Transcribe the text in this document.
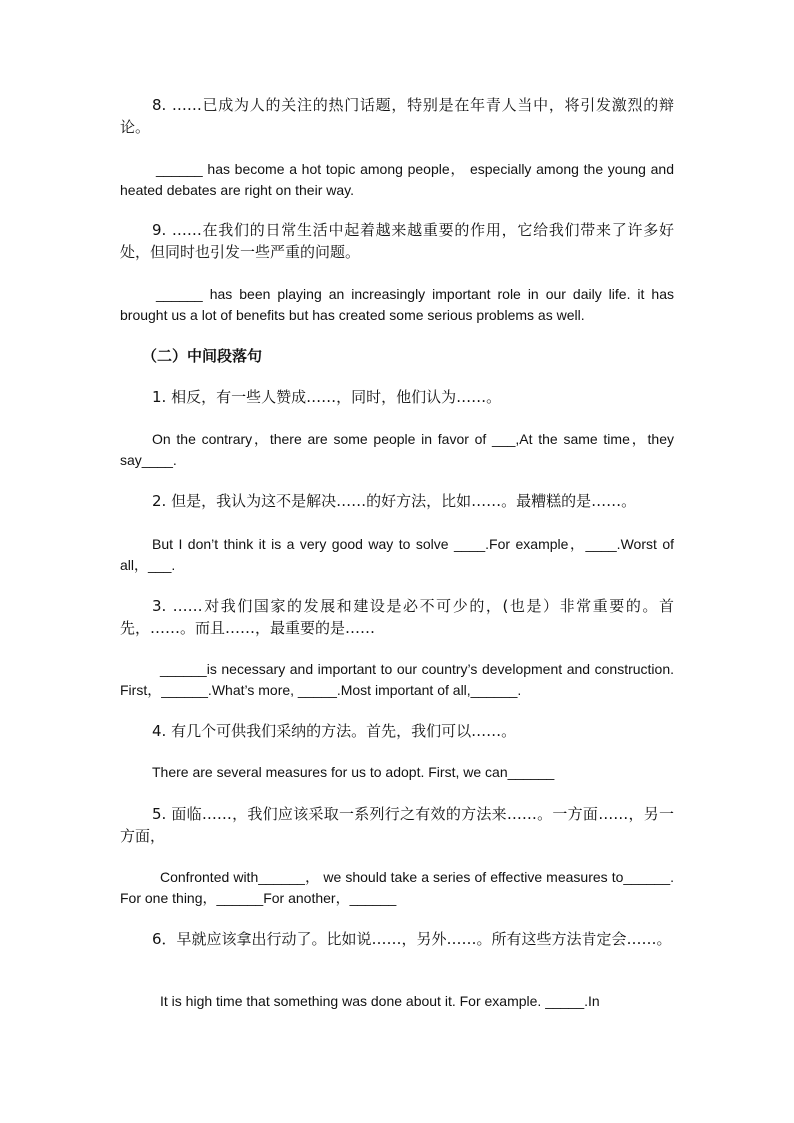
8. ……已成为人的关注的热门话题，特别是在年青人当中，将引发激烈的辩论。

______ has become a hot topic among people， especially among the young and heated debates are right on their way.

9. ……在我们的日常生活中起着越来越重要的作用，它给我们带来了许多好处，但同时也引发一些严重的问题。

______ has been playing an increasingly important role in our daily life. it has brought us a lot of benefits but has created some serious problems as well.

（二）中间段落句

1. 相反，有一些人赞成……，同时，他们认为……。

On the contrary，there are some people in favor of ___,At the same time，they say____.

2. 但是，我认为这不是解决……的好方法，比如……。最糟糕的是……。

But I don’t think it is a very good way to solve ____.For example，____.Worst of all，___.

3. ……对我们国家的发展和建设是必不可少的，(也是）非常重要的。首先，……。而且……，最重要的是……

______is necessary and important to our country’s development and construction. First，______.What’s more, _____.Most important of all,______.

4. 有几个可供我们采纳的方法。首先，我们可以……。

There are several measures for us to adopt. First, we can______

5. 面临……，我们应该采取一系列行之有效的方法来……。一方面……，另一方面，

Confronted with______， we should take a series of effective measures to______. For one thing，______For another，______

6．早就应该拿出行动了。比如说……，另外……。所有这些方法肯定会……。

It is high time that something was done about it. For example. _____.In
